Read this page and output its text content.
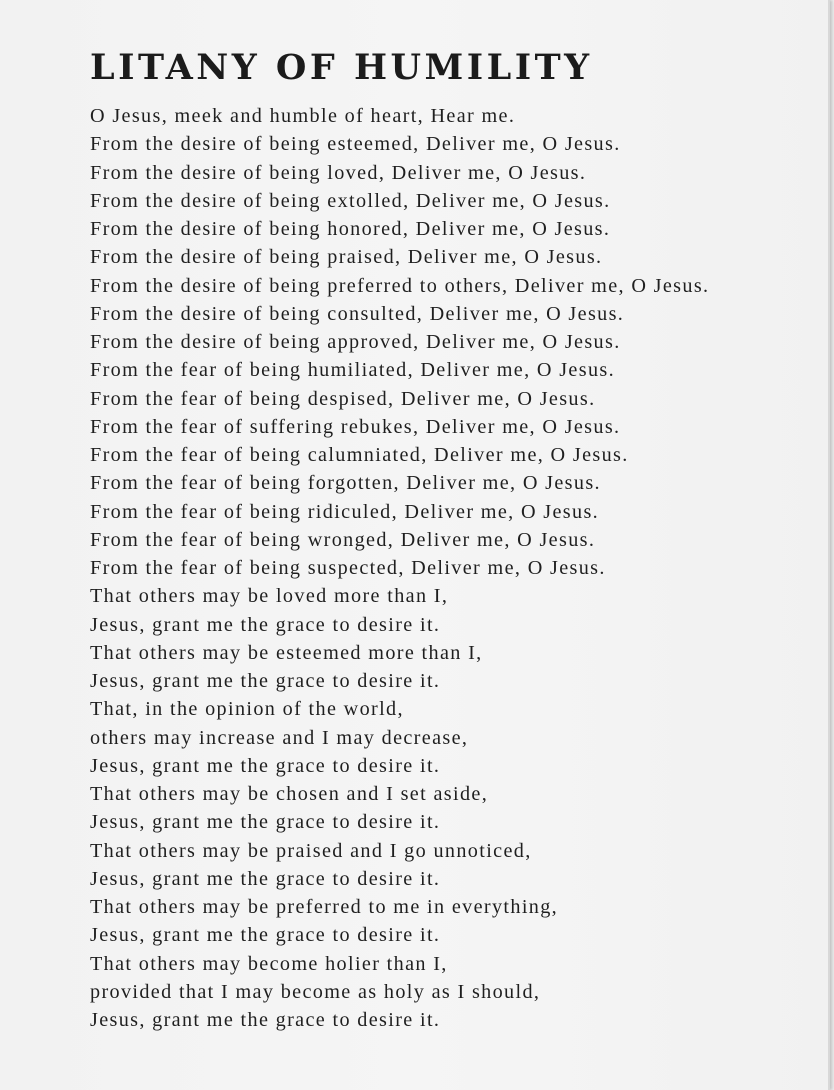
LITANY OF HUMILITY
O Jesus, meek and humble of heart, Hear me.
From the desire of being esteemed, Deliver me, O Jesus.
From the desire of being loved, Deliver me, O Jesus.
From the desire of being extolled, Deliver me, O Jesus.
From the desire of being honored, Deliver me, O Jesus.
From the desire of being praised, Deliver me, O Jesus.
From the desire of being preferred to others, Deliver me, O Jesus.
From the desire of being consulted, Deliver me, O Jesus.
From the desire of being approved, Deliver me, O Jesus.
From the fear of being humiliated, Deliver me, O Jesus.
From the fear of being despised, Deliver me, O Jesus.
From the fear of suffering rebukes, Deliver me, O Jesus.
From the fear of being calumniated, Deliver me, O Jesus.
From the fear of being forgotten, Deliver me, O Jesus.
From the fear of being ridiculed, Deliver me, O Jesus.
From the fear of being wronged, Deliver me, O Jesus.
From the fear of being suspected, Deliver me, O Jesus.
That others may be loved more than I,
Jesus, grant me the grace to desire it.
That others may be esteemed more than I,
Jesus, grant me the grace to desire it.
That, in the opinion of the world,
others may increase and I may decrease,
Jesus, grant me the grace to desire it.
That others may be chosen and I set aside,
Jesus, grant me the grace to desire it.
That others may be praised and I go unnoticed,
Jesus, grant me the grace to desire it.
That others may be preferred to me in everything,
Jesus, grant me the grace to desire it.
That others may become holier than I,
provided that I may become as holy as I should,
Jesus, grant me the grace to desire it.
